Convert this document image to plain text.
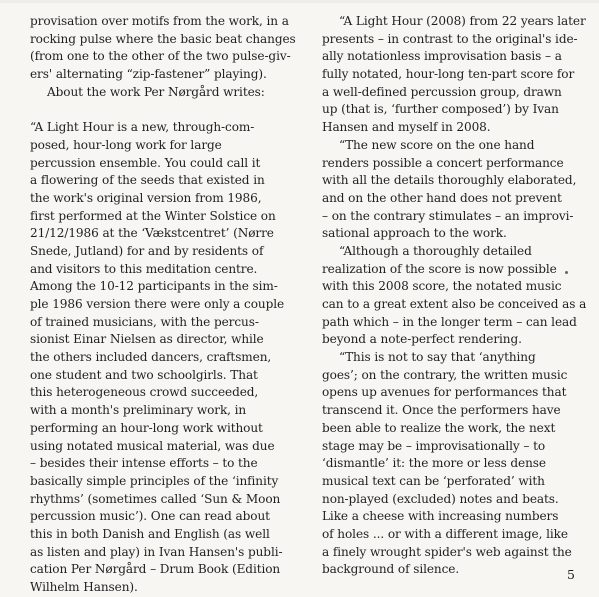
provisation over motifs from the work, in a
rocking pulse where the basic beat changes
(from one to the other of the two pulse-giv-
ers' alternating “zip-fastener” playing).
About the work Per Nørgård writes:
“A Light Hour is a new, through-com-
posed, hour-long work for large
percussion ensemble. You could call it
a flowering of the seeds that existed in
the work's original version from 1986,
first performed at the Winter Solstice on
21/12/1986 at the ‘Vækstcentret’ (Nørre
Snede, Jutland) for and by residents of
and visitors to this meditation centre.
Among the 10-12 participants in the sim-
ple 1986 version there were only a couple
of trained musicians, with the percus-
sionist Einar Nielsen as director, while
the others included dancers, craftsmen,
one student and two schoolgirls. That
this heterogeneous crowd succeeded,
with a month's preliminary work, in
performing an hour-long work without
using notated musical material, was due
– besides their intense efforts – to the
basically simple principles of the ‘infinity
rhythms’ (sometimes called ‘Sun & Moon
percussion music’). One can read about
this in both Danish and English (as well
as listen and play) in Ivan Hansen's publi-
cation Per Nørgård – Drum Book (Edition
Wilhelm Hansen).
“A Light Hour (2008) from 22 years later
presents – in contrast to the original's ide-
ally notationless improvisation basis – a
fully notated, hour-long ten-part score for
a well-defined percussion group, drawn
up (that is, ‘further composed’) by Ivan
Hansen and myself in 2008.
“The new score on the one hand
renders possible a concert performance
with all the details thoroughly elaborated,
and on the other hand does not prevent
– on the contrary stimulates – an improvi-
sational approach to the work.
“Although a thoroughly detailed
realization of the score is now possible
with this 2008 score, the notated music
can to a great extent also be conceived as a
path which – in the longer term – can lead
beyond a note-perfect rendering.
“This is not to say that ‘anything
goes’; on the contrary, the written music
opens up avenues for performances that
transcend it. Once the performers have
been able to realize the work, the next
stage may be – improvisationally – to
‘dismantle’ it: the more or less dense
musical text can be ‘perforated’ with
non-played (excluded) notes and beats.
Like a cheese with increasing numbers
of holes ... or with a different image, like
a finely wrought spider's web against the
background of silence.	5
